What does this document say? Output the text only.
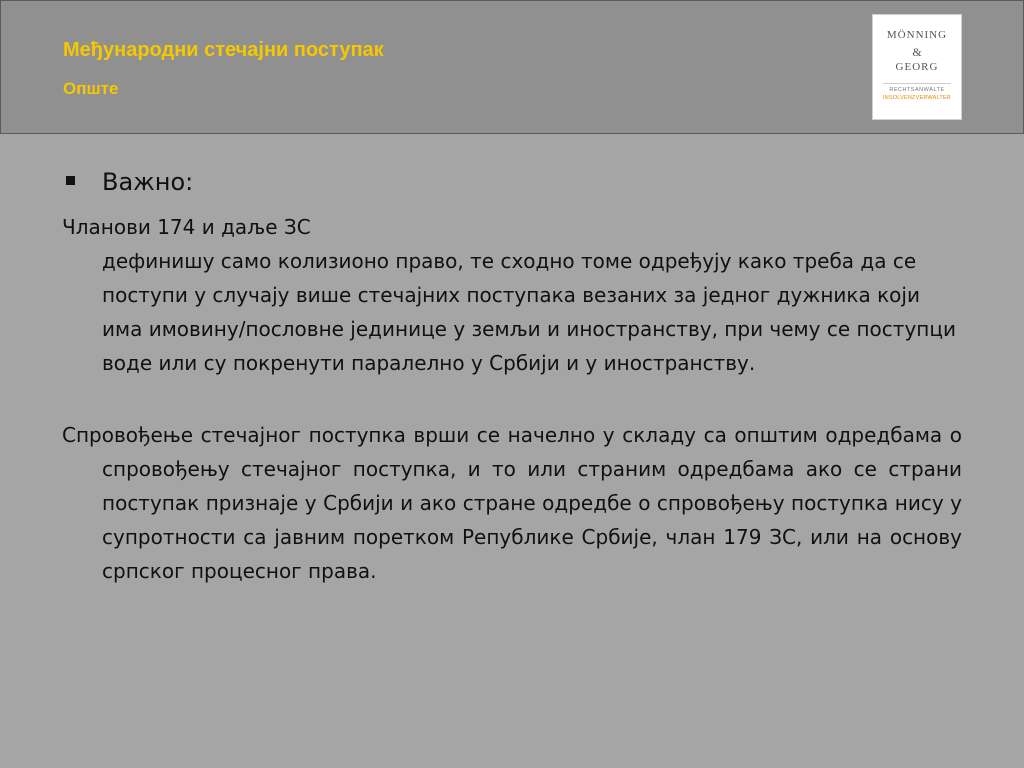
Међународни стечајни поступак
Опште
MÖNNING
&
GEORG
RECHTSANWÄLTE
INSOLVENZVERWALTER
Важно:

Чланови 174 и даље ЗС
дефинишу само колизионо право, те сходно томе одређују како треба да се поступи у случају више стечајних поступака везаних за једног дужника који има имовину/пословне јединице у земљи и иностранству, при чему се поступци воде или су покренути паралелно у Србији и у иностранству.

Спровођење стечајног поступка врши се начелно у складу са општим одредбама о спровођењу стечајног поступка, и то или страним одредбама ако се страни поступак признаје у Србији и ако стране одредбе о спровођењу поступка нису у супротности са јавним поретком Републике Србије, члан 179 ЗС, или на основу српског процесног права.
